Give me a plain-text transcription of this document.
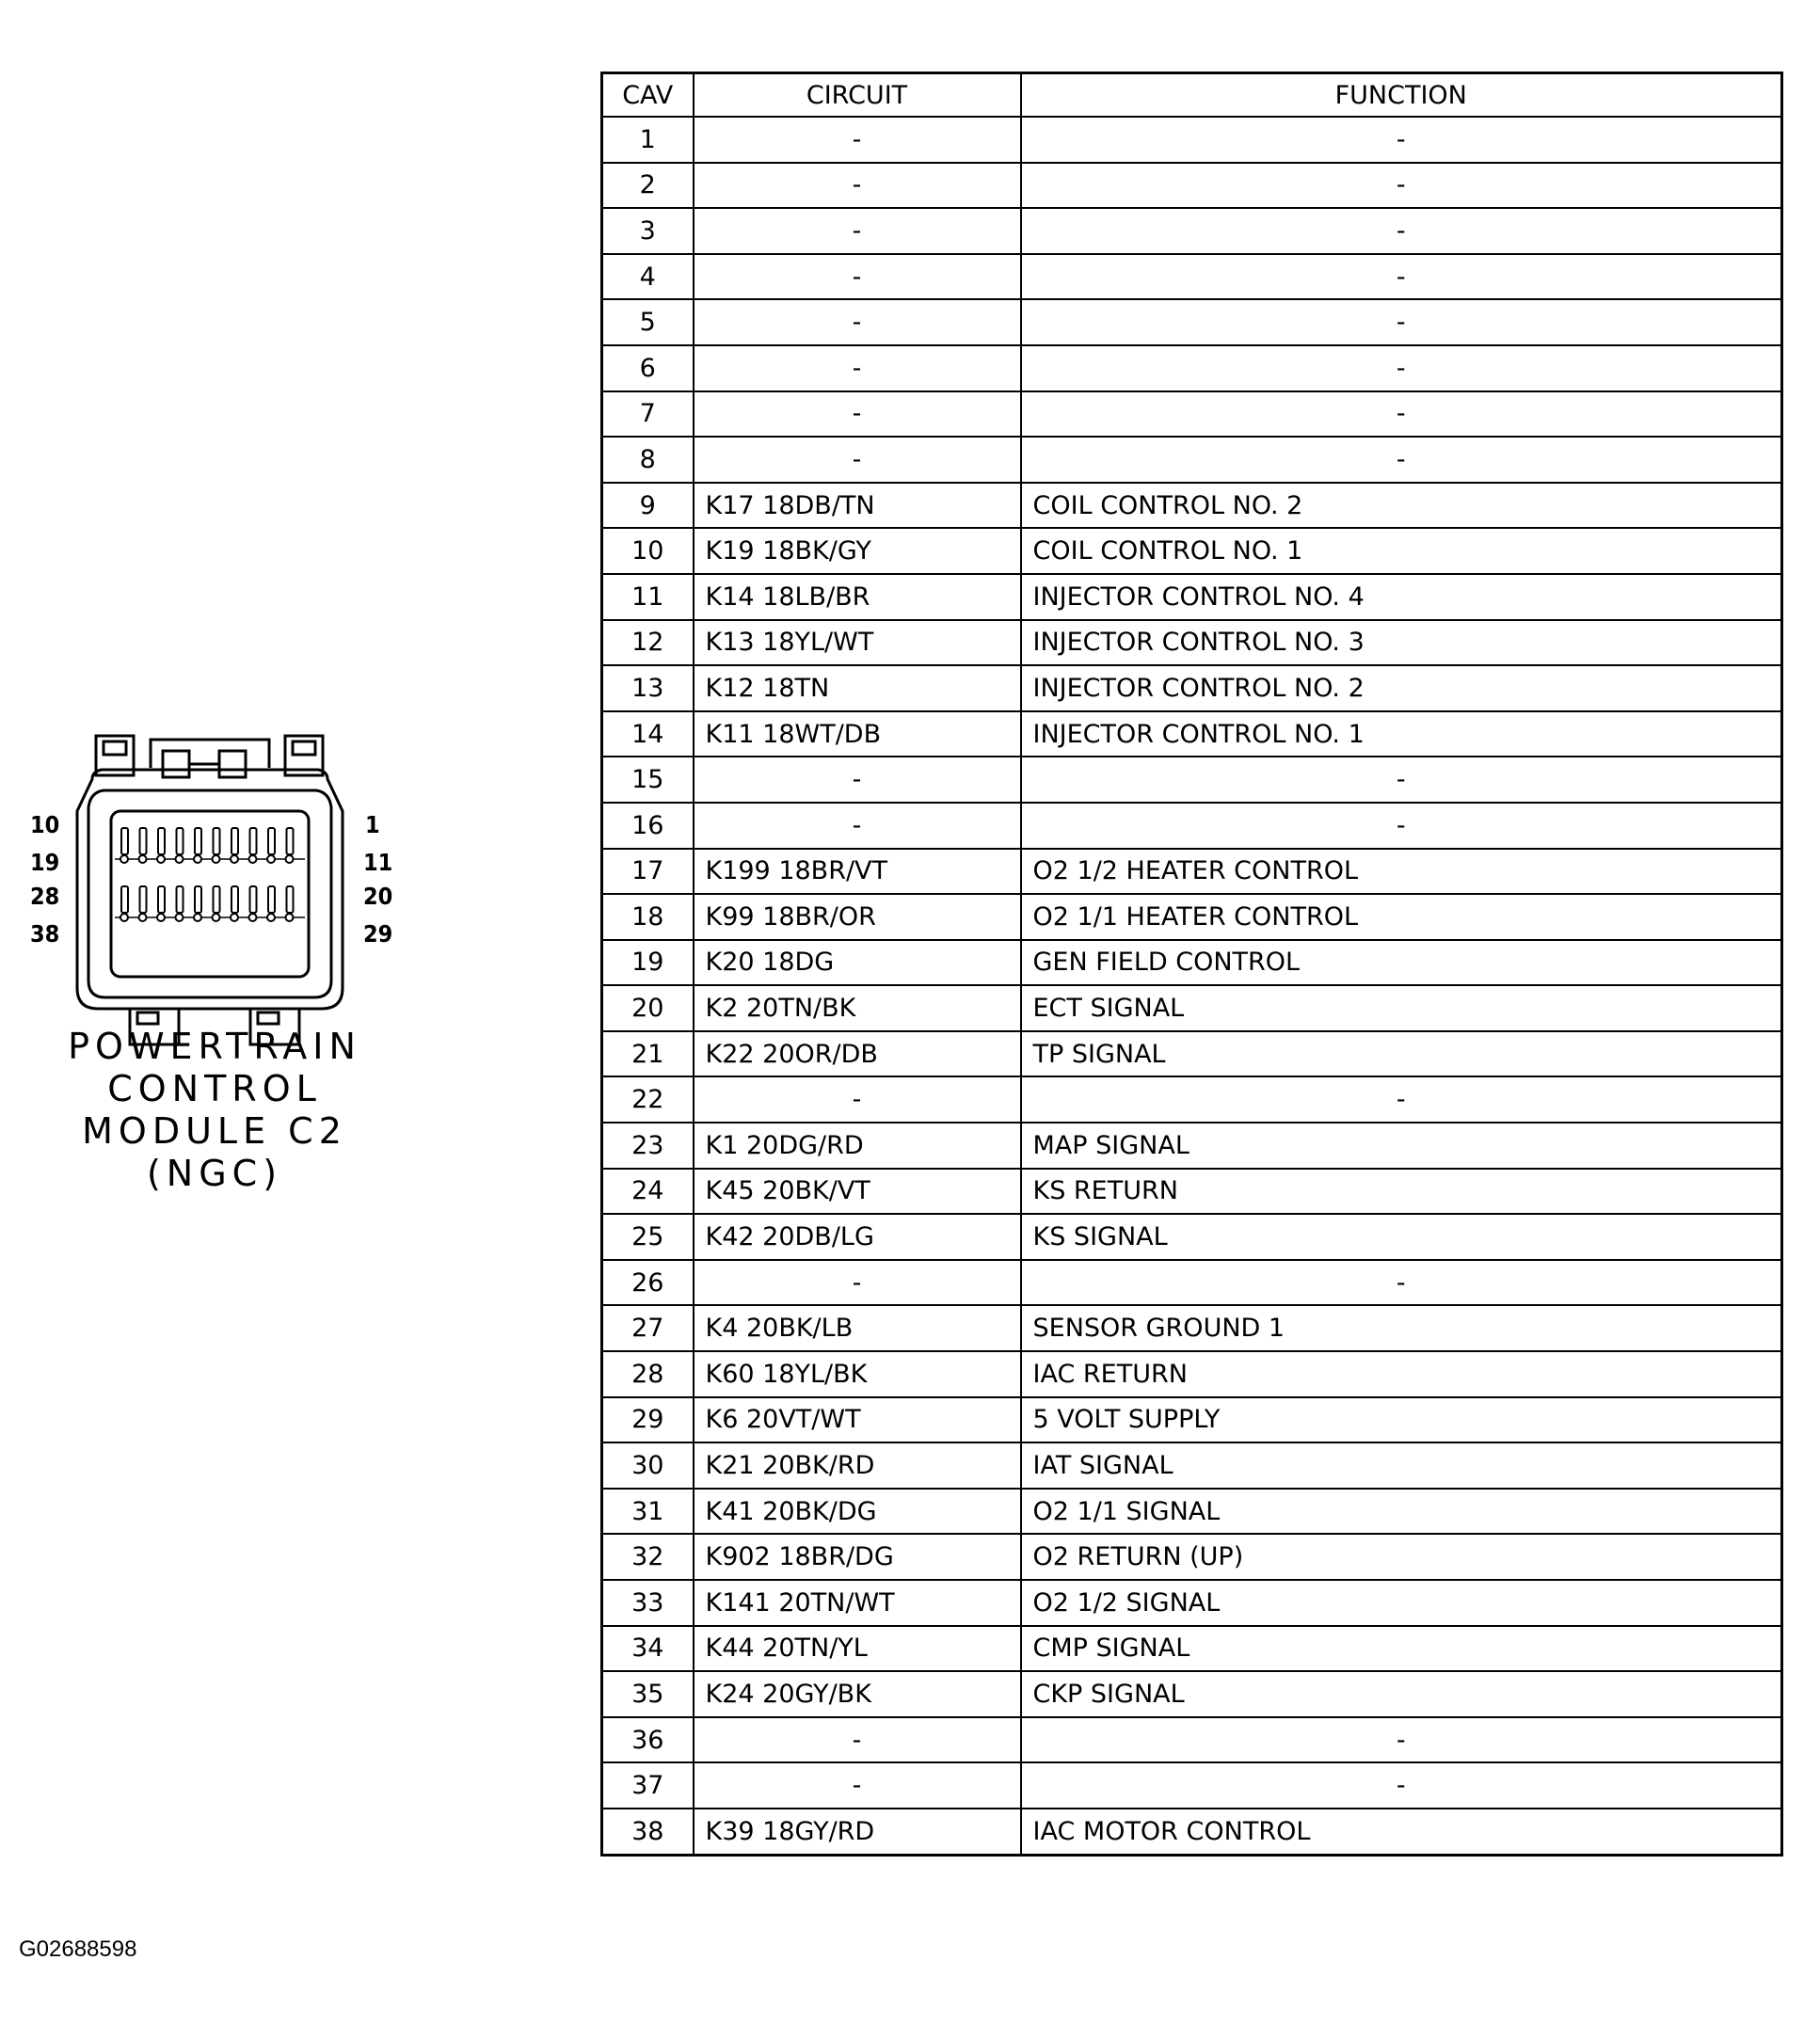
10
19
28
38
1
11
20
29
POWERTRAIN
CONTROL
MODULE C2
(NGC)
CAV	CIRCUIT	FUNCTION
1	-	-
2	-	-
3	-	-
4	-	-
5	-	-
6	-	-
7	-	-
8	-	-
9	K17 18DB/TN	COIL CONTROL NO. 2
10	K19 18BK/GY	COIL CONTROL NO. 1
11	K14 18LB/BR	INJECTOR CONTROL NO. 4
12	K13 18YL/WT	INJECTOR CONTROL NO. 3
13	K12 18TN	INJECTOR CONTROL NO. 2
14	K11 18WT/DB	INJECTOR CONTROL NO. 1
15	-	-
16	-	-
17	K199 18BR/VT	O2 1/2 HEATER CONTROL
18	K99 18BR/OR	O2 1/1 HEATER CONTROL
19	K20 18DG	GEN FIELD CONTROL
20	K2 20TN/BK	ECT SIGNAL
21	K22 20OR/DB	TP SIGNAL
22	-	-
23	K1 20DG/RD	MAP SIGNAL
24	K45 20BK/VT	KS RETURN
25	K42 20DB/LG	KS SIGNAL
26	-	-
27	K4 20BK/LB	SENSOR GROUND 1
28	K60 18YL/BK	IAC RETURN
29	K6 20VT/WT	5 VOLT SUPPLY
30	K21 20BK/RD	IAT SIGNAL
31	K41 20BK/DG	O2 1/1 SIGNAL
32	K902 18BR/DG	O2 RETURN (UP)
33	K141 20TN/WT	O2 1/2 SIGNAL
34	K44 20TN/YL	CMP SIGNAL
35	K24 20GY/BK	CKP SIGNAL
36	-	-
37	-	-
38	K39 18GY/RD	IAC MOTOR CONTROL
G02688598
